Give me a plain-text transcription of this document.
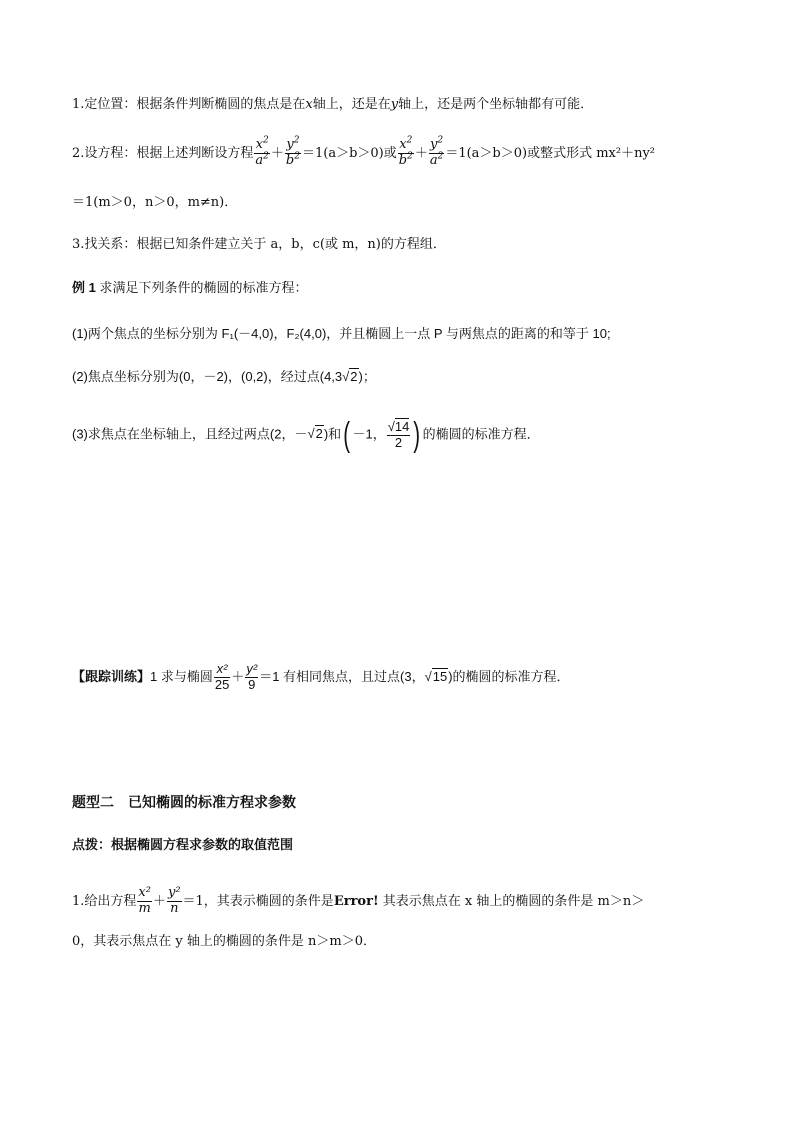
1.定位置：根据条件判断椭圆的焦点是在x轴上，还是在y轴上，还是两个坐标轴都有可能．
2.设方程：根据上述判断设方程 $\frac{x^2}{a^2} + \frac{y^2}{b^2} =1(a>b>0)$或 $\frac{x^2}{b^2} + \frac{y^2}{a^2} =1(a>b>0)$或整式形式 mx²＋ny²
＝1(m＞0，n＞0，m≠n)．
3.找关系：根据已知条件建立关于 a，b，c(或 m，n)的方程组．
例 1 求满足下列条件的椭圆的标准方程：
(1)两个焦点的坐标分别为 F₁(－4,0)，F₂(4,0)，并且椭圆上一点 P 与两焦点的距离的和等于 10;
(2)焦点坐标分别为(0，－2)，(0,2)，经过点(4,3√2)；
(3)求焦点在坐标轴上，且经过两点(2，－√2)和( －1， $\frac{√14}{2}$ ) 的椭圆的标准方程．
【跟踪训练】1 求与椭圆 $\frac{\text{x²}}{25} + \frac{\text{y²}}{9} =1$ 有相同焦点，且过点(3，√15)的椭圆的标准方程．
题型二　已知椭圆的标准方程求参数
点拨：根据椭圆方程求参数的取值范围
1.给出方程 $\frac{\text{x²}}{m} + \frac{\text{y²}}{n} =1$，其表示椭圆的条件是Error! 其表示焦点在 x 轴上的椭圆的条件是 m＞n＞
0，其表示焦点在 y 轴上的椭圆的条件是 n＞m＞0．
